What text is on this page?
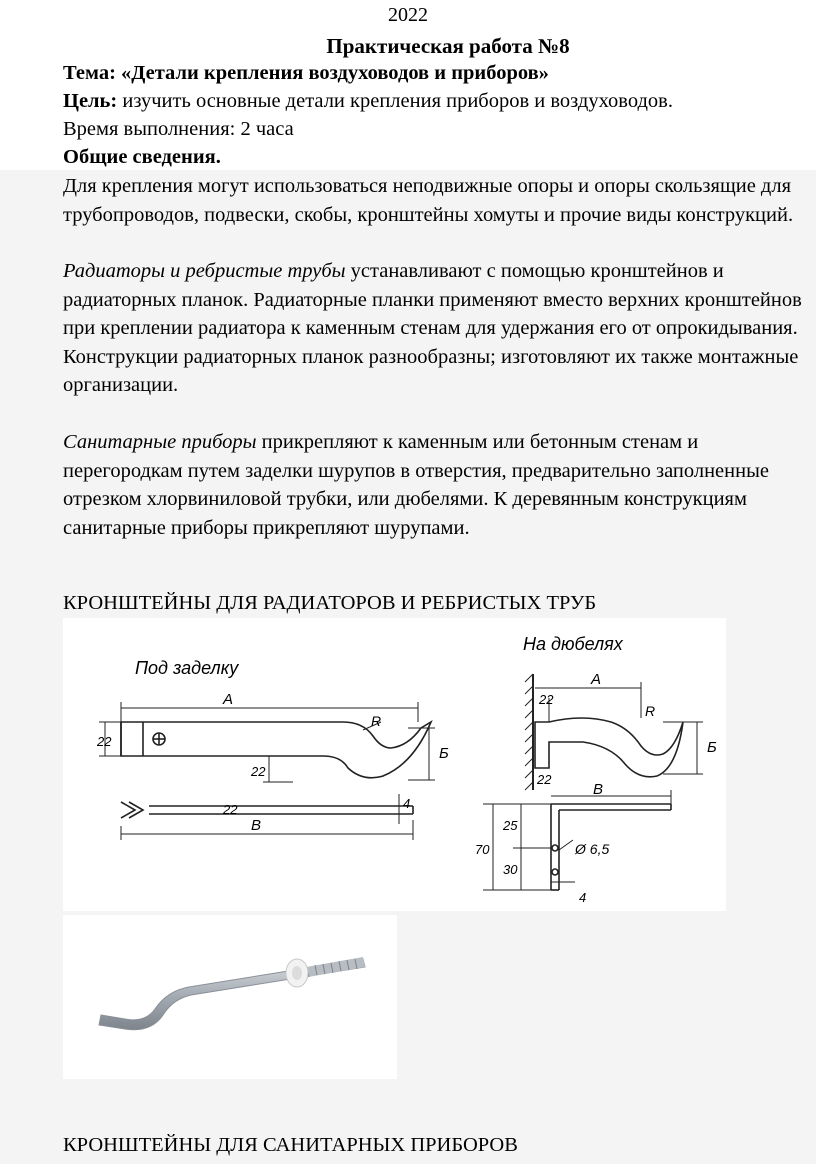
2022
Практическая работа №8
Тема: «Детали крепления воздуховодов и приборов»
Цель: изучить основные детали крепления приборов и воздуховодов.
Время выполнения: 2 часа
Общие сведения.
Для крепления могут использоваться неподвижные опоры и опоры скользящие для трубопроводов, подвески, скобы, кронштейны хомуты и прочие виды конструкций.
Радиаторы и ребристые трубы устанавливают с помощью кронштейнов и радиаторных планок. Радиаторные планки применяют вместо верхних кронштейнов при креплении радиатора к каменным стенам для удержания его от опрокидывания. Конструкции радиаторных планок разнообразны; изготовляют их также монтажные организации.
Санитарные приборы прикрепляют к каменным или бетонным стенам и перегородкам путем заделки шурупов в отверстия, предварительно заполненные отрезком хлорвиниловой трубки, или дюбелями. К деревянным конструкциям санитарные приборы прикрепляют шурупами.
КРОНШТЕЙНЫ ДЛЯ РАДИАТОРОВ И РЕБРИСТЫХ ТРУБ
Под заделку
На дюбелях
А
А
В
В
Б	Б
R
R
22
22
22
22
22
4
4
70
30
25
Ø 6,5
КРОНШТЕЙНЫ ДЛЯ САНИТАРНЫХ ПРИБОРОВ
